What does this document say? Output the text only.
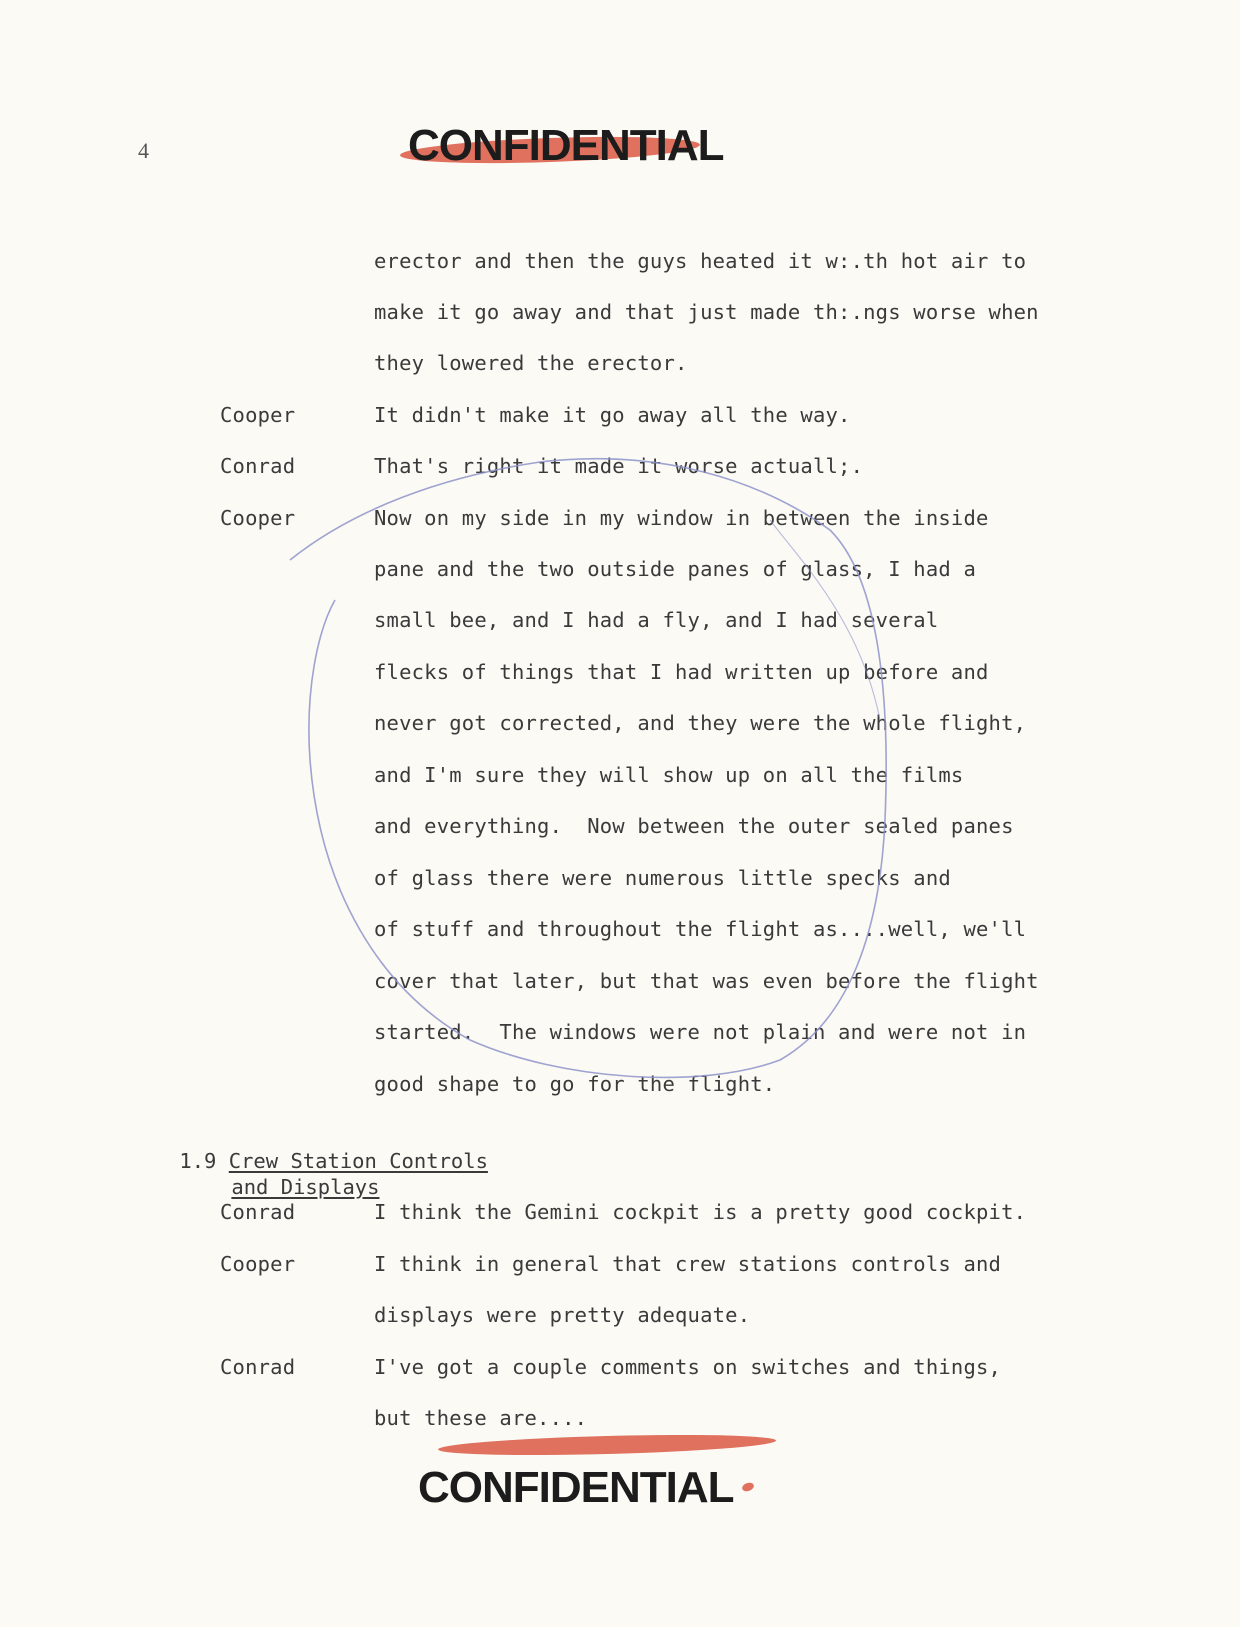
4	CONFIDENTIAL
erector and then the guys heated it w:.th hot air to
make it go away and that just made th:.ngs worse when
they lowered the erector.
Cooper	It didn't make it go away all the way.
Conrad	That's right it made it worse actuall;.
Cooper	Now on my side in my window in between the inside
pane and the two outside panes of glass, I had a
small bee, and I had a fly, and I had several
flecks of things that I had written up before and
never got corrected, and they were the whole flight,
and I'm sure they will show up on all the films
and everything.  Now between the outer sealed panes
of glass there were numerous little specks and
of stuff and throughout the flight as....well, we'll
cover that later, but that was even before the flight
started.  The windows were not plain and were not in
good shape to go for the flight.

1.9 Crew Station Controls

and Displays

Conrad	I think the Gemini cockpit is a pretty good cockpit.
Cooper	I think in general that crew stations controls and
displays were pretty adequate.
Conrad	I've got a couple comments on switches and things,
but these are....
CONFIDENTIAL
